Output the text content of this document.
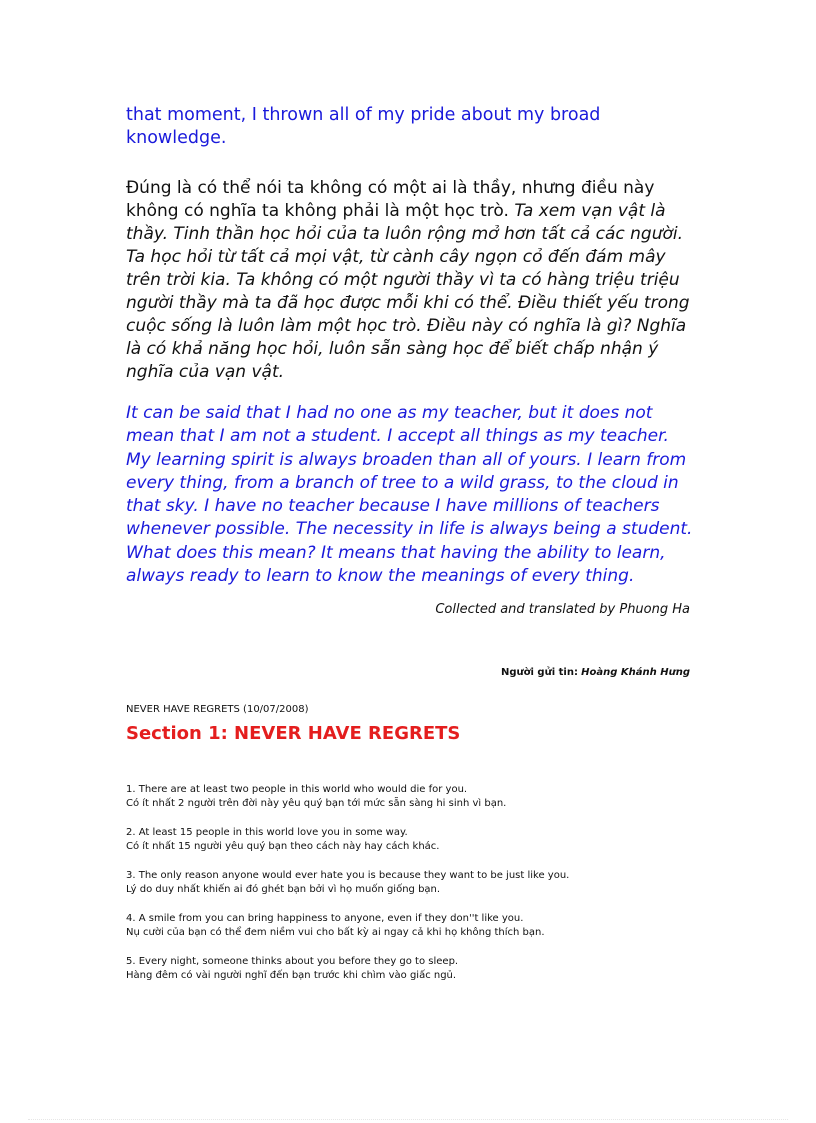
that moment, I thrown all of my pride about my broad knowledge.

Đúng là có thể nói ta không có một ai là thầy, nhưng điều này không có nghĩa ta không phải là một học trò. Ta xem vạn vật là thầy. Tinh thần học hỏi của ta luôn rộng mở hơn tất cả các người. Ta học hỏi từ tất cả mọi vật, từ cành cây ngọn cỏ đến đám mây trên trời kia. Ta không có một người thầy vì ta có hàng triệu triệu người thầy mà ta đã học được mỗi khi có thể. Điều thiết yếu trong cuộc sống là luôn làm một học trò. Điều này có nghĩa là gì? Nghĩa là có khả năng học hỏi, luôn sẵn sàng học để biết chấp nhận ý nghĩa của vạn vật.

It can be said that I had no one as my teacher, but it does not mean that I am not a student. I accept all things as my teacher. My learning spirit is always broaden than all of yours. I learn from every thing, from a branch of tree to a wild grass, to the cloud in that sky. I have no teacher because I have millions of teachers whenever possible. The necessity in life is always being a student. What does this mean? It means that having the ability to learn, always ready to learn to know the meanings of every thing.

Collected and translated by Phuong Ha
Người gửi tin: Hoàng Khánh Hưng
NEVER HAVE REGRETS (10/07/2008)
Section 1: NEVER HAVE REGRETS
1. There are at least two people in this world who would die for you.
Có ít nhất 2 người trên đời này yêu quý bạn tới mức sẵn sàng hi sinh vì bạn.
2. At least 15 people in this world love you in some way.
Có ít nhất 15 người yêu quý bạn theo cách này hay cách khác.
3. The only reason anyone would ever hate you is because they want to be just like you.
Lý do duy nhất khiến ai đó ghét bạn bởi vì họ muốn giống bạn.
4. A smile from you can bring happiness to anyone, even if they don''t like you.
Nụ cười của bạn có thể đem niềm vui cho bất kỳ ai ngay cả khi họ không thích bạn.
5. Every night, someone thinks about you before they go to sleep.
Hàng đêm có vài người nghĩ đến bạn trước khi chìm vào giấc ngủ.
